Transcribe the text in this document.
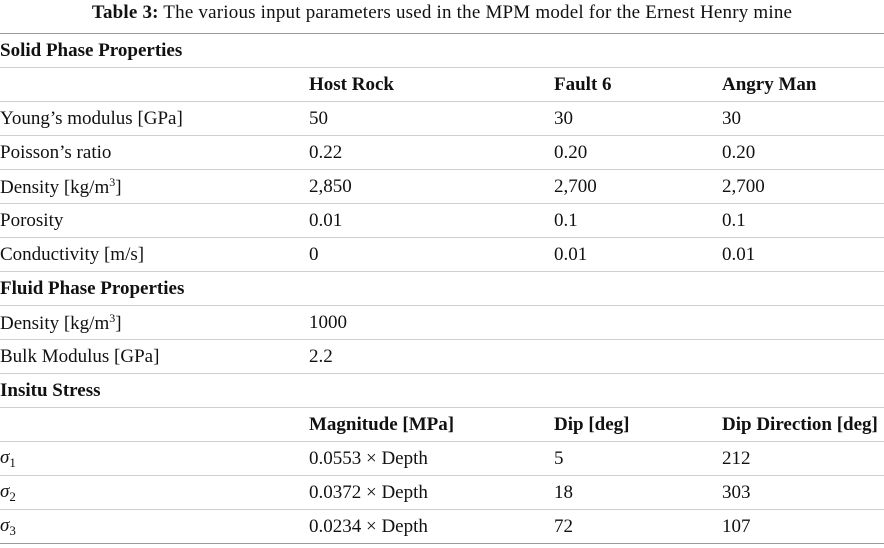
Table 3: The various input parameters used in the MPM model for the Ernest Henry mine
Solid Phase Properties			
	Host Rock	Fault 6	Angry Man
Young’s modulus [GPa]	50	30	30
Poisson’s ratio	0.22	0.20	0.20
Density $[kg/m^3]$	2,850	2,700	2,700
Porosity	0.01	0.1	0.1
Conductivity [m/s]	0	0.01	0.01
Fluid Phase Properties			
Density $[kg/m^3]$	1000		
Bulk Modulus [GPa]	2.2		
Insitu Stress			
	Magnitude [MPa]	Dip [deg]	Dip Direction [deg]
$\sigma_1$	0.0553 × Depth	5	212
$\sigma_2$	0.0372 × Depth	18	303
$\sigma_3$	0.0234 × Depth	72	107
